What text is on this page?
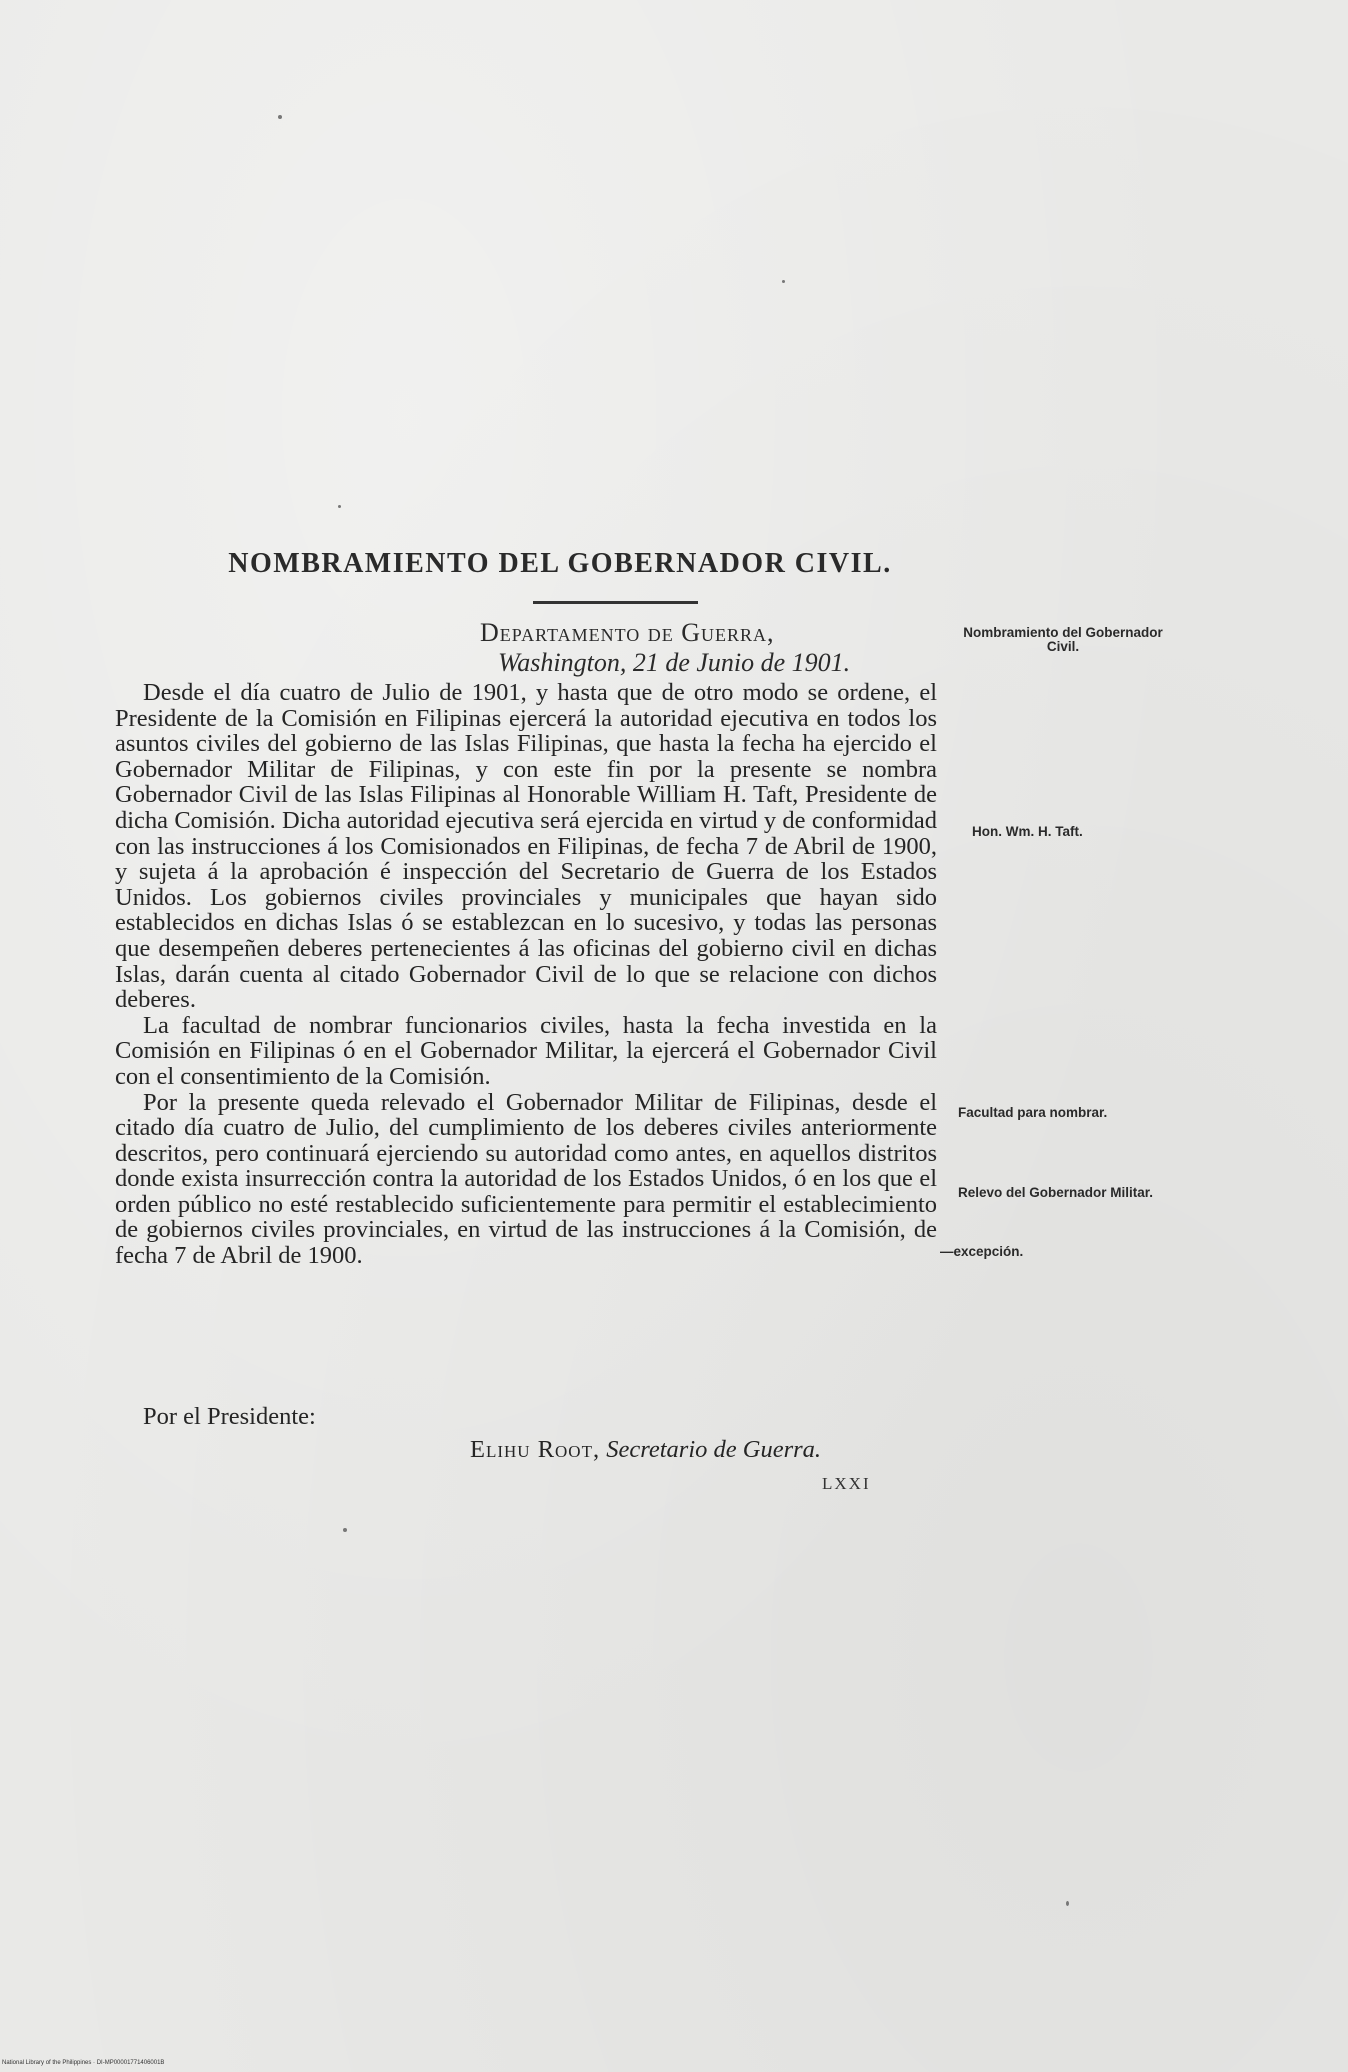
NOMBRAMIENTO DEL GOBERNADOR CIVIL.
Departamento de Guerra,
Washington, 21 de Junio de 1901.

Desde el día cuatro de Julio de 1901, y hasta que de otro modo se ordene, el Presidente de la Comisión en Filipinas ejercerá la autoridad ejecutiva en todos los asuntos civiles del gobierno de las Islas Filipinas, que hasta la fecha ha ejercido el Gobernador Militar de Filipinas, y con este fin por la presente se nombra Gobernador Civil de las Islas Filipinas al Honorable William H. Taft, Presidente de dicha Comisión. Dicha autoridad ejecutiva será ejercida en virtud y de conformidad con las instrucciones á los Comisionados en Filipinas, de fecha 7 de Abril de 1900, y sujeta á la aprobación é inspección del Secretario de Guerra de los Estados Unidos. Los gobiernos civiles provinciales y municipales que hayan sido establecidos en dichas Islas ó se establezcan en lo sucesivo, y todas las personas que desempeñen deberes pertenecientes á las oficinas del gobierno civil en dichas Islas, darán cuenta al citado Gobernador Civil de lo que se relacione con dichos deberes.

La facultad de nombrar funcionarios civiles, hasta la fecha investida en la Comisión en Filipinas ó en el Gobernador Militar, la ejercerá el Gobernador Civil con el consentimiento de la Comisión.

Por la presente queda relevado el Gobernador Militar de Filipinas, desde el citado día cuatro de Julio, del cumplimiento de los deberes civiles anteriormente descritos, pero continuará ejerciendo su autoridad como antes, en aquellos distritos donde exista insurrección contra la autoridad de los Estados Unidos, ó en los que el orden público no esté restablecido suficientemente para permitir el establecimiento de gobiernos civiles provinciales, en virtud de las instrucciones á la Comisión, de fecha 7 de Abril de 1900.

Por el Presidente:
Elihu Root, Secretario de Guerra.
LXXI
Nombramiento del Gobernador Civil.
Hon. Wm. H. Taft.
Facultad para nombrar.
Relevo del Gobernador Militar.
—excepción.
National Library of the Philippines · DI-MP00001771406001B
